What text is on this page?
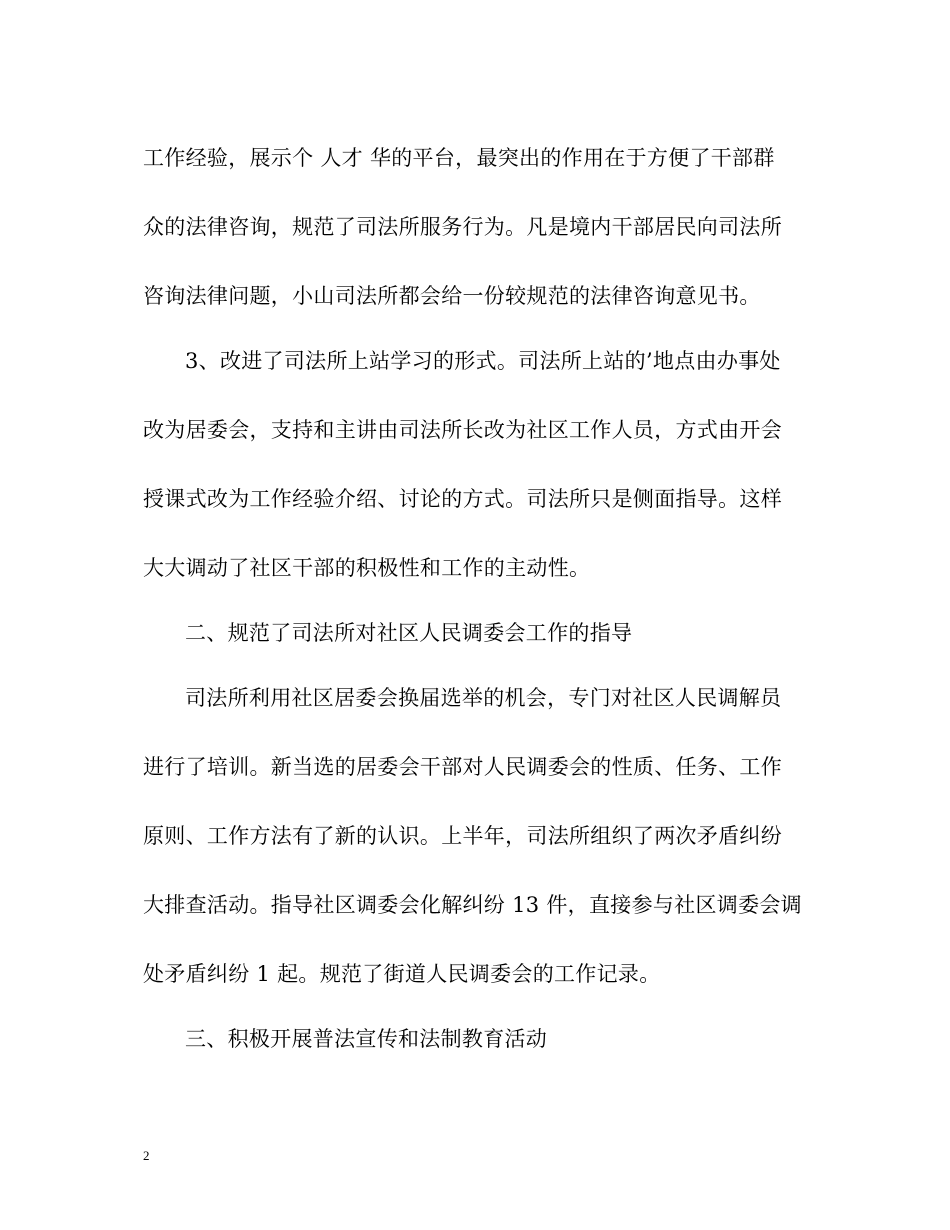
工作经验，展示个 人才 华的平台，最突出的作用在于方便了干部群
众的法律咨询，规范了司法所服务行为。凡是境内干部居民向司法所
咨询法律问题，小山司法所都会给一份较规范的法律咨询意见书。
3、改进了司法所上站学习的形式。司法所上站的’地点由办事处
改为居委会，支持和主讲由司法所长改为社区工作人员，方式由开会
授课式改为工作经验介绍、讨论的方式。司法所只是侧面指导。这样
大大调动了社区干部的积极性和工作的主动性。
二、规范了司法所对社区人民调委会工作的指导
司法所利用社区居委会换届选举的机会，专门对社区人民调解员
进行了培训。新当选的居委会干部对人民调委会的性质、任务、工作
原则、工作方法有了新的认识。上半年，司法所组织了两次矛盾纠纷
大排查活动。指导社区调委会化解纠纷 13 件，直接参与社区调委会调
处矛盾纠纷 1 起。规范了街道人民调委会的工作记录。
三、积极开展普法宣传和法制教育活动
2
